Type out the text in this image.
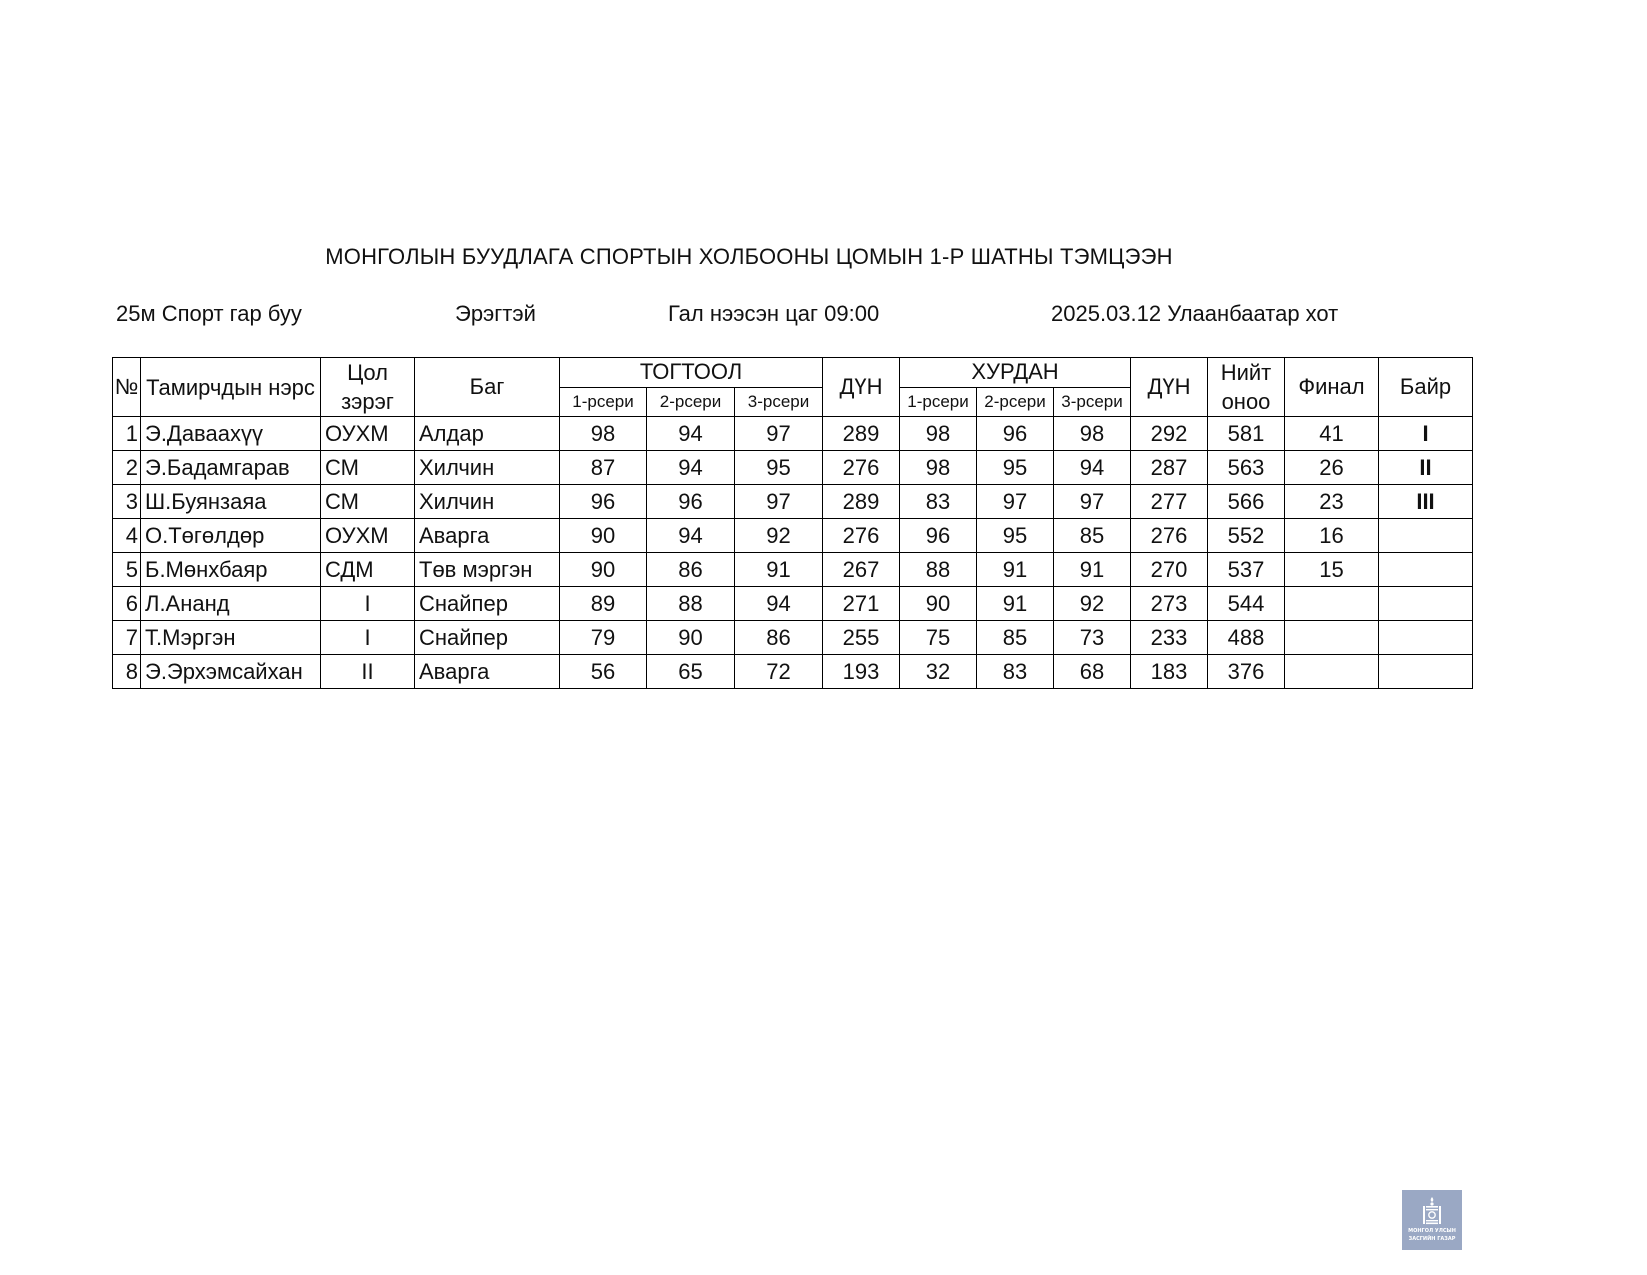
МОНГОЛЫН БУУДЛАГА СПОРТЫН ХОЛБООНЫ ЦОМЫН 1-Р ШАТНЫ ТЭМЦЭЭН
25м Спорт гар буу	Эрэгтэй	Гал нээсэн цаг 09:00	2025.03.12 Улаанбаатар хот
№	Тамирчдын нэрс	Цол зэрэг	Баг	ТОГТООЛ			ДҮН	ХУРДАН			ДҮН	Нийт оноо	Финал	Байр
				1-рсери	2-рсери	3-рсери		1-рсери	2-рсери	3-рсери				
1	Э.Даваахүү	ОУХМ	Алдар	98	94	97	289	98	96	98	292	581	41	I
2	Э.Бадамгарав	СМ	Хилчин	87	94	95	276	98	95	94	287	563	26	II
3	Ш.Буянзаяа	СМ	Хилчин	96	96	97	289	83	97	97	277	566	23	III
4	О.Төгөлдөр	ОУХМ	Аварга	90	94	92	276	96	95	85	276	552	16	
5	Б.Мөнхбаяр	СДМ	Төв мэргэн	90	86	91	267	88	91	91	270	537	15	
6	Л.Ананд	I	Снайпер	89	88	94	271	90	91	92	273	544		
7	Т.Мэргэн	I	Снайпер	79	90	86	255	75	85	73	233	488		
8	Э.Эрхэмсайхан	II	Аварга	56	65	72	193	32	83	68	183	376		
МОНГОЛ УЛСЫН
ЗАСГИЙН ГАЗАР
